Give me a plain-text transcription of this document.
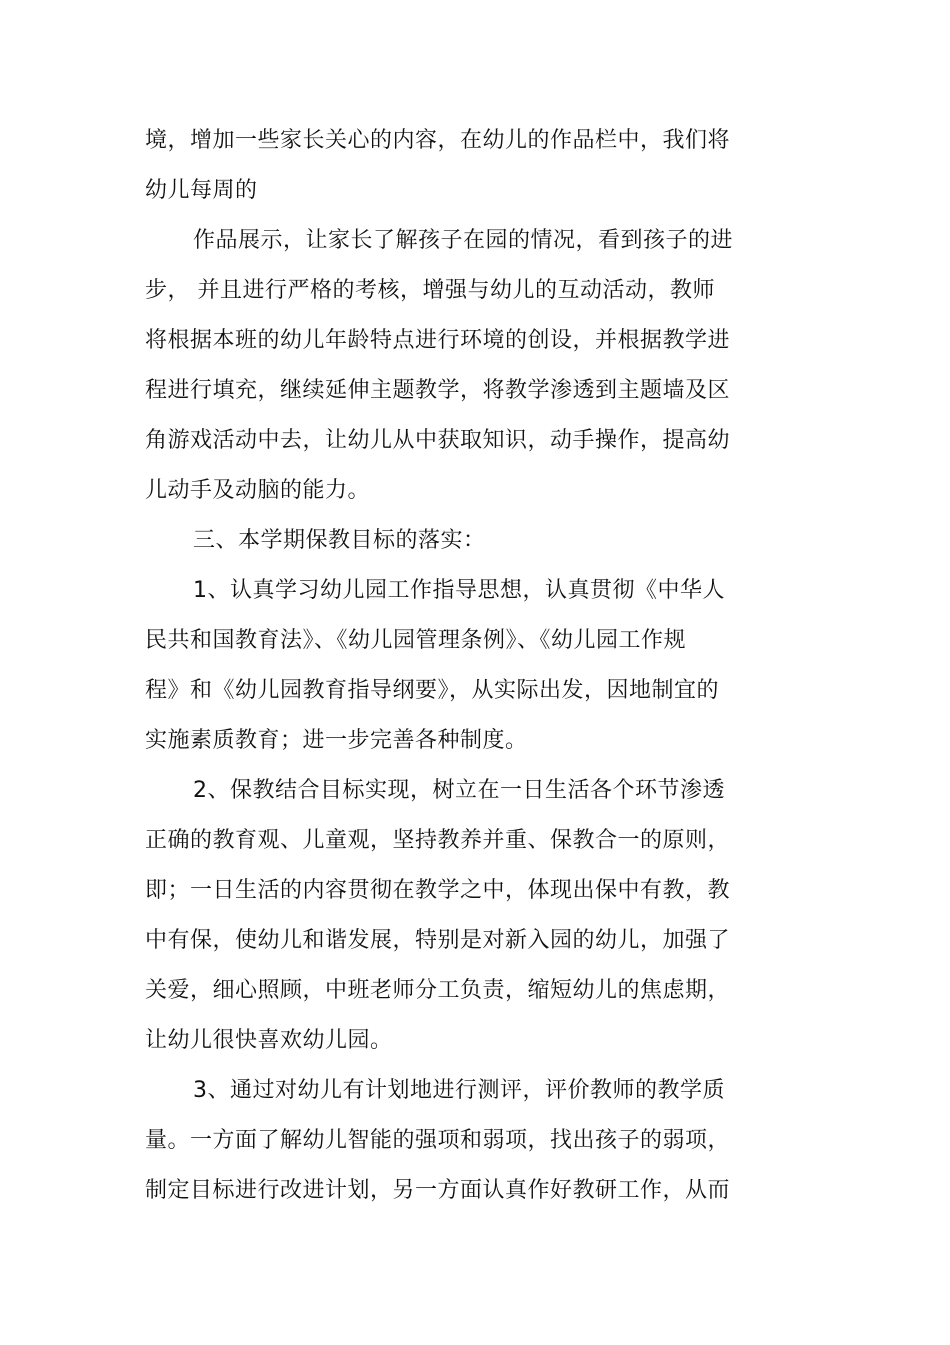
境，增加一些家长关心的内容，在幼儿的作品栏中，我们将
幼儿每周的
作品展示，让家长了解孩子在园的情况，看到孩子的进
步， 并且进行严格的考核，增强与幼儿的互动活动，教师
将根据本班的幼儿年龄特点进行环境的创设，并根据教学进
程进行填充，继续延伸主题教学，将教学渗透到主题墙及区
角游戏活动中去，让幼儿从中获取知识，动手操作，提高幼
儿动手及动脑的能力。
三、本学期保教目标的落实：
1、认真学习幼儿园工作指导思想，认真贯彻《中华人
民共和国教育法》、《幼儿园管理条例》、《幼儿园工作规
程》和《幼儿园教育指导纲要》，从实际出发，因地制宜的
实施素质教育；进一步完善各种制度。
2、保教结合目标实现，树立在一日生活各个环节渗透
正确的教育观、儿童观，坚持教养并重、保教合一的原则，
即；一日生活的内容贯彻在教学之中，体现出保中有教，教
中有保，使幼儿和谐发展，特别是对新入园的幼儿，加强了
关爱，细心照顾，中班老师分工负责，缩短幼儿的焦虑期，
让幼儿很快喜欢幼儿园。
3、通过对幼儿有计划地进行测评，评价教师的教学质
量。一方面了解幼儿智能的强项和弱项，找出孩子的弱项，
制定目标进行改进计划，另一方面认真作好教研工作，从而
